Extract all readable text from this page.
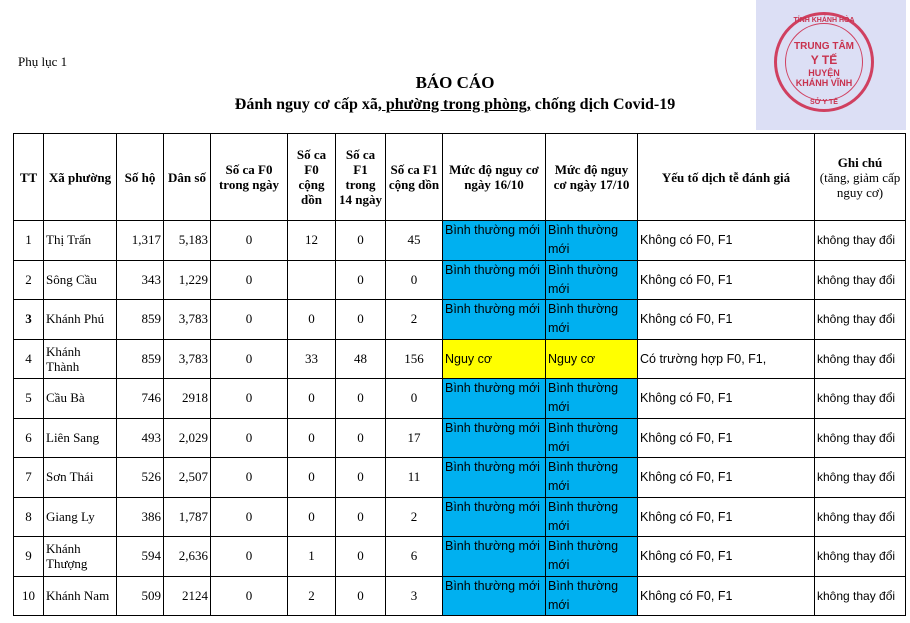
Phụ lục 1
BÁO CÁO
Đánh nguy cơ cấp xã, phường trong phòng, chống dịch Covid-19
TỈNH KHÁNH HÒA
TRUNG TÂM
Y TẾ
HUYỆN
KHÁNH VĨNH
SỞ Y TẾ
TT	Xã phường	Số hộ	Dân số	Số ca F0 trong ngày	Số ca F0 cộng dồn	Số ca F1 trong 14 ngày	Số ca F1 cộng dồn	Mức độ nguy cơ ngày 16/10	Mức độ nguy cơ ngày 17/10	Yếu tố dịch tễ đánh giá	Ghi chú
(tăng, giảm cấp nguy cơ)

1	Thị Trấn	1,317	5,183	0	12	0	45	Bình thường mới	Bình thường mới	Không có F0, F1	không thay đổi
2	Sông Cầu	343	1,229	0		0	0	Bình thường mới	Bình thường mới	Không có F0, F1	không thay đổi
3	Khánh Phú	859	3,783	0	0	0	2	Bình thường mới	Bình thường mới	Không có F0, F1	không thay đổi
4	Khánh Thành	859	3,783	0	33	48	156	Nguy cơ	Nguy cơ	Có trường hợp F0, F1,	không thay đổi
5	Cầu Bà	746	2918	0	0	0	0	Bình thường mới	Bình thường mới	Không có F0, F1	không thay đổi
6	Liên Sang	493	2,029	0	0	0	17	Bình thường mới	Bình thường mới	Không có F0, F1	không thay đổi
7	Sơn Thái	526	2,507	0	0	0	11	Bình thường mới	Bình thường mới	Không có F0, F1	không thay đổi
8	Giang Ly	386	1,787	0	0	0	2	Bình thường mới	Bình thường mới	Không có F0, F1	không thay đổi
9	Khánh Thượng	594	2,636	0	1	0	6	Bình thường mới	Bình thường mới	Không có F0, F1	không thay đổi
10	Khánh Nam	509	2124	0	2	0	3	Bình thường mới	Bình thường mới	Không có F0, F1	không thay đổi
